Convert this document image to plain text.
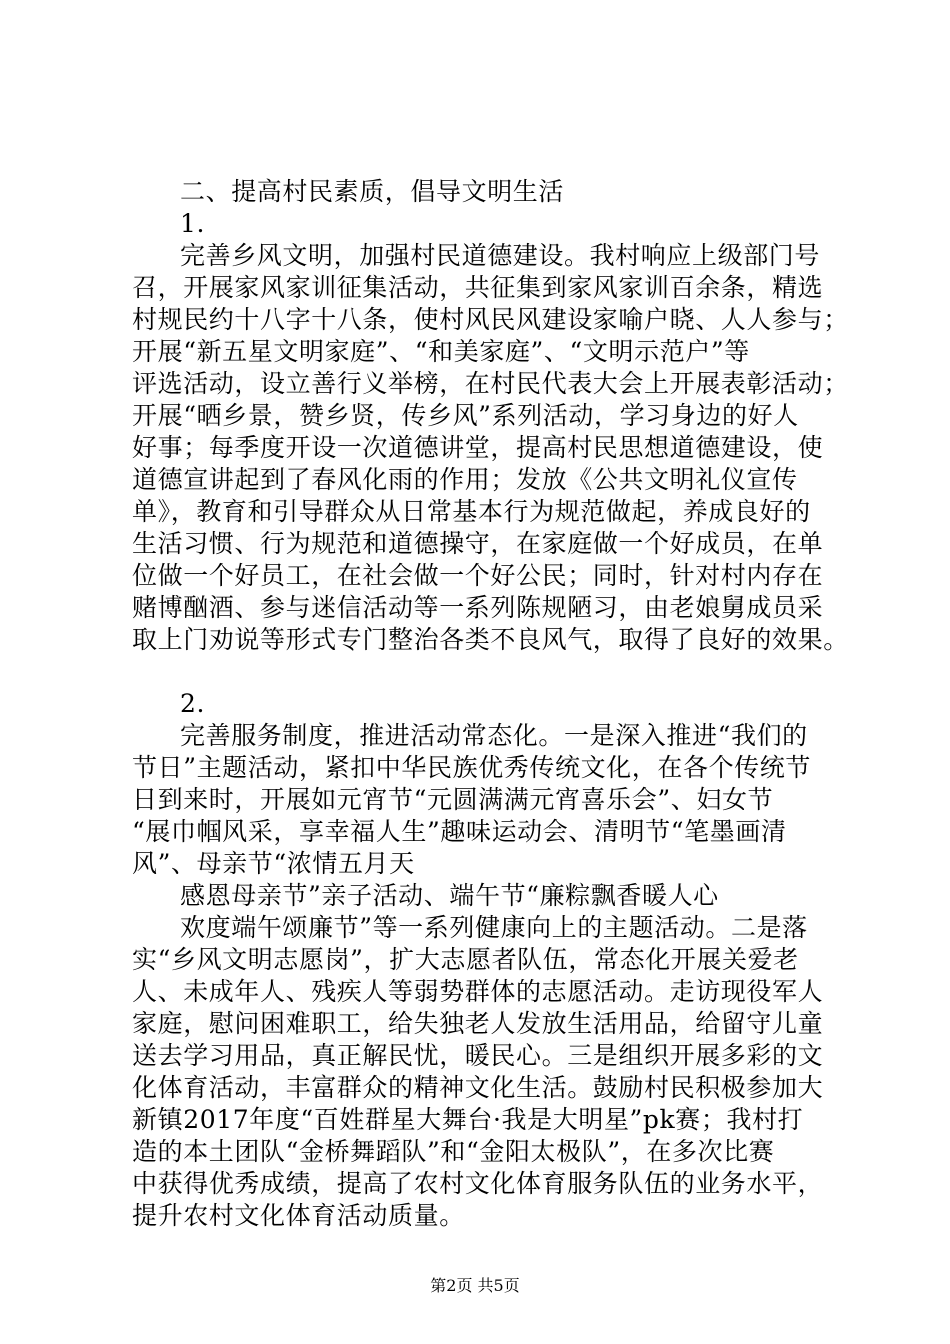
二、提高村民素质，倡导文明生活
1.
完善乡风文明，加强村民道德建设。我村响应上级部门号
召，开展家风家训征集活动，共征集到家风家训百余条，精选
村规民约十八字十八条，使村风民风建设家喻户晓、人人参与；
开展“新五星文明家庭”、“和美家庭”、“文明示范户”等
评选活动，设立善行义举榜，在村民代表大会上开展表彰活动；
开展“晒乡景，赞乡贤，传乡风”系列活动，学习身边的好人
好事；每季度开设一次道德讲堂，提高村民思想道德建设，使
道德宣讲起到了春风化雨的作用；发放《公共文明礼仪宣传
单》，教育和引导群众从日常基本行为规范做起，养成良好的
生活习惯、行为规范和道德操守，在家庭做一个好成员，在单
位做一个好员工，在社会做一个好公民；同时，针对村内存在
赌博酗酒、参与迷信活动等一系列陈规陋习，由老娘舅成员采
取上门劝说等形式专门整治各类不良风气，取得了良好的效果。
2.
完善服务制度，推进活动常态化。一是深入推进“我们的
节日”主题活动，紧扣中华民族优秀传统文化，在各个传统节
日到来时，开展如元宵节“元圆满满元宵喜乐会”、妇女节
“展巾帼风采，享幸福人生”趣味运动会、清明节“笔墨画清
风”、母亲节“浓情五月天
感恩母亲节”亲子活动、端午节“廉粽飘香暖人心
欢度端午颂廉节”等一系列健康向上的主题活动。二是落
实“乡风文明志愿岗”，扩大志愿者队伍，常态化开展关爱老
人、未成年人、残疾人等弱势群体的志愿活动。走访现役军人
家庭，慰问困难职工，给失独老人发放生活用品，给留守儿童
送去学习用品，真正解民忧，暖民心。三是组织开展多彩的文
化体育活动，丰富群众的精神文化生活。鼓励村民积极参加大
新镇2017年度“百姓群星大舞台·我是大明星”pk赛；我村打
造的本土团队“金桥舞蹈队”和“金阳太极队”，在多次比赛
中获得优秀成绩，提高了农村文化体育服务队伍的业务水平，
提升农村文化体育活动质量。
第2页 共5页
